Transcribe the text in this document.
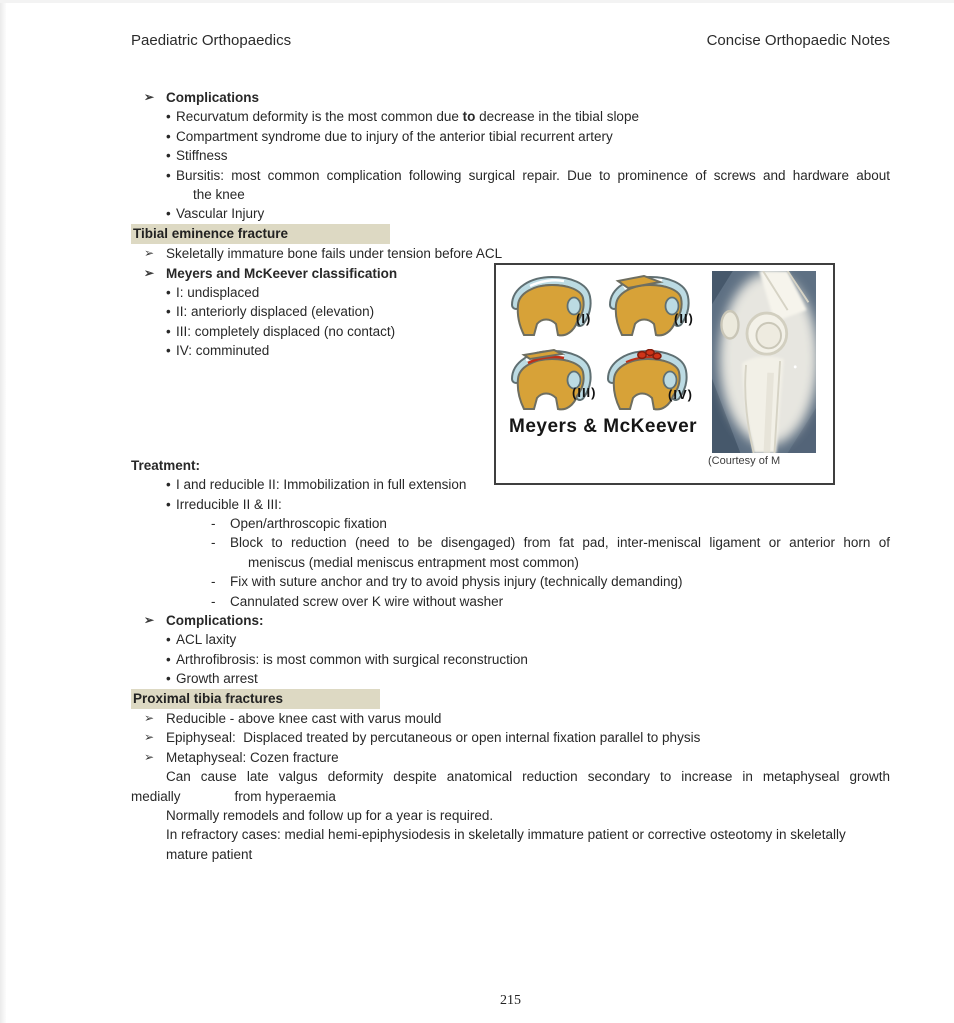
Paediatric Orthopaedics	Concise Orthopaedic Notes
➢ Complications
• Recurvatum deformity is the most common due to decrease in the tibial slope
• Compartment syndrome due to injury of the anterior tibial recurrent artery
• Stiffness
• Bursitis: most common complication following surgical repair. Due to prominence of screws and hardware about
the knee
• Vascular Injury
Tibial eminence fracture
➢ Skeletally immature bone fails under tension before ACL
➢ Meyers and McKeever classification
• I: undisplaced
• II: anteriorly displaced (elevation)
• III: completely displaced (no contact)
• IV: comminuted
Treatment:
• I and reducible II: Immobilization in full extension
• Irreducible II & III:
- Open/arthroscopic fixation
- Block to reduction (need to be disengaged) from fat pad, inter-meniscal ligament or anterior horn of
meniscus (medial meniscus entrapment most common)
- Fix with suture anchor and try to avoid physis injury (technically demanding)
- Cannulated screw over K wire without washer
➢ Complications:
• ACL laxity
• Arthrofibrosis: is most common with surgical reconstruction
• Growth arrest
Proximal tibia fractures
➢ Reducible - above knee cast with varus mould
➢ Epiphyseal:  Displaced treated by percutaneous or open internal fixation parallel to physis
➢ Metaphyseal: Cozen fracture
Can cause late valgus deformity despite anatomical reduction secondary to increase in metaphyseal growth
medially	from hyperaemia
Normally remodels and follow up for a year is required.
In refractory cases: medial hemi-epiphysiodesis in skeletally immature patient or corrective osteotomy in skeletally
mature patient
(I)	(II)
(III)	(IV)
Meyers & McKeever
(Courtesy of M
215
